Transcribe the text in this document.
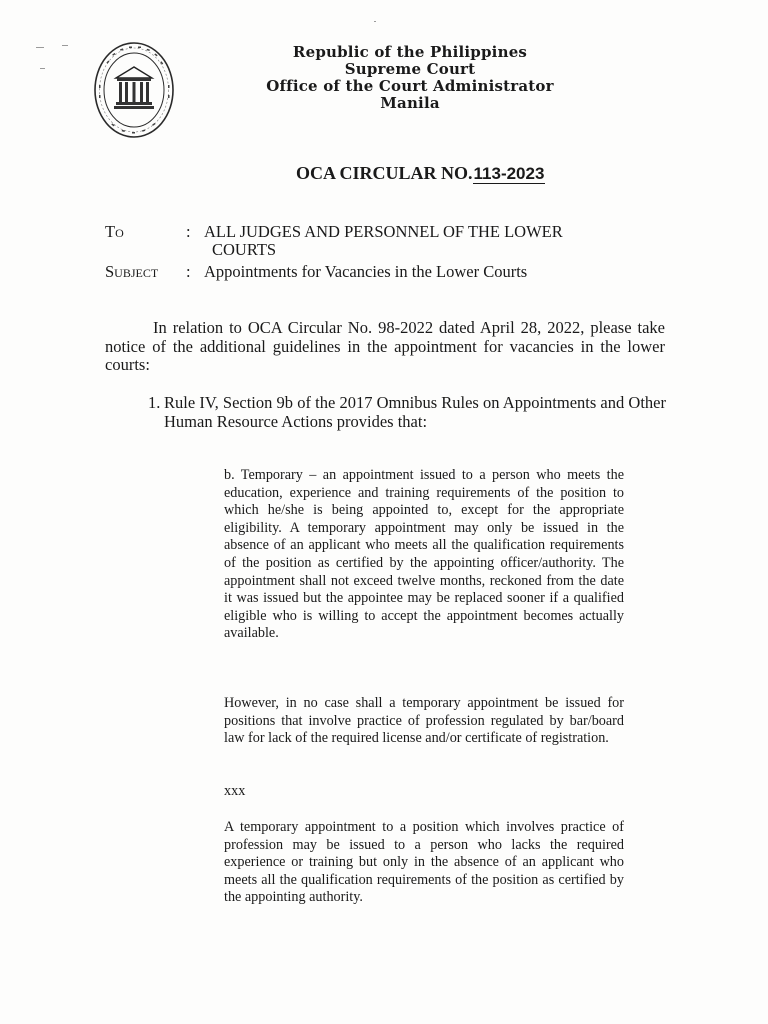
Republic of the Philippines
Supreme Court
Office of the Court Administrator
Manila
OCA CIRCULAR NO.113-2023
To	: ALL JUDGES AND PERSONNEL OF THE LOWER
COURTS
Subject : Appointments for Vacancies in the Lower Courts
In relation to OCA Circular No. 98-2022 dated April 28, 2022, please take notice of the additional guidelines in the appointment for vacancies in the lower courts:
1. Rule IV, Section 9b of the 2017 Omnibus Rules on Appointments and Other Human Resource Actions provides that:
b. Temporary – an appointment issued to a person who meets the education, experience and training requirements of the position to which he/she is being appointed to, except for the appropriate eligibility. A temporary appointment may only be issued in the absence of an applicant who meets all the qualification requirements of the position as certified by the appointing officer/authority. The appointment shall not exceed twelve months, reckoned from the date it was issued but the appointee may be replaced sooner if a qualified eligible who is willing to accept the appointment becomes actually available.
However, in no case shall a temporary appointment be issued for positions that involve practice of profession regulated by bar/board law for lack of the required license and/or certificate of registration.
xxx
A temporary appointment to a position which involves practice of profession may be issued to a person who lacks the required experience or training but only in the absence of an applicant who meets all the qualification requirements of the position as certified by the appointing authority.
